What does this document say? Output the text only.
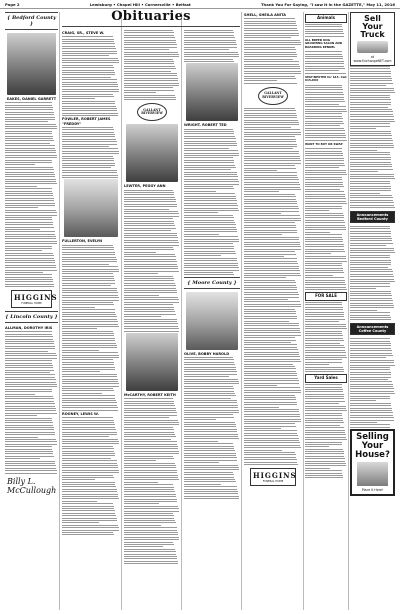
Page 2	Lewisburg • Chapel Hill • Cornersville • Belfast	Thank You For Saying, "I saw it in the GAZETTE," May 11, 2016
Obituaries
{ Bedford County }
EAKES, DANIEL GARRETT
HIGGINS
FUNERAL HOME
{ Lincoln County }
ALLMAN, DOROTHY IRIS
Billy L. McCullough
CRAIG, SR., STEVE W.
FOWLER, ROBERT JAMES "FREDDY"
FULLERTON, EVELYN
ROONEY, LEWIS W.
GALLANT RIVERVIEW
LEWTER, PEGGY ANN
McCARTHY, ROBERT KEITH
WRIGHT, ROBERT TED
{ Moore County }
OLIVE, BOBBY HAROLD
SHELL, SHEILA ANITA
GALLANT RIVERVIEW
HIGGINS
FUNERAL HOME
Animals
ALL BREED DOG GROOMING SALON AND BOARDING KENNEL
SPAY/NEUTER for $15. Call 615-XXX
WANT TO BUY OR SWAP
FOR SALE
Yard Sales
Sell Your Truck
at www.ExchangeNET.com
Announcements Bedford County
Announcements Coffee County
Selling Your House?
Place It Here!
